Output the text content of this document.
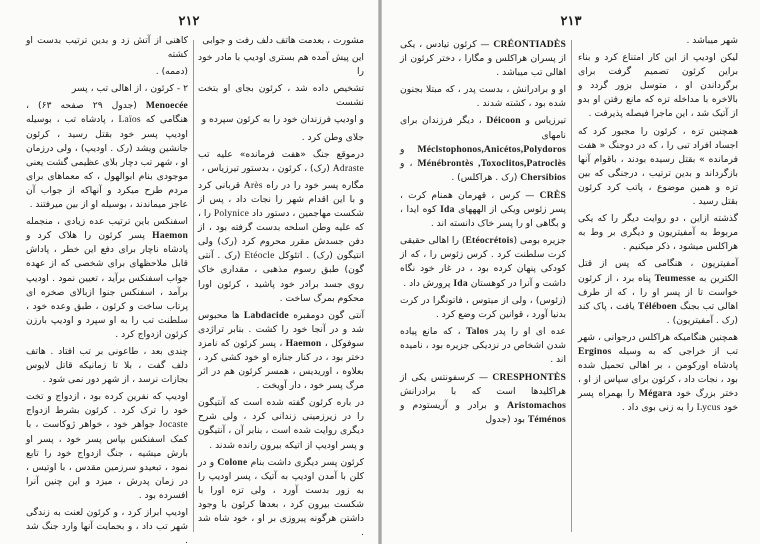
۲۱۲
مشورت ، بعدمت هاتف دلف رفت و جوابی
این پیش آمده هم بستری اودیپ با مادر خود را
تشخیص داده شد ، کرئون بجای او بتخت نشست
و اودیپ فرزندان خود را به کرئون سپرده و
جلای وطن کرد .
درموقع جنگ «هفت فرمانده» علیه تب Adraste (رک) ، کرئون ، بدستور تیرزیاس ،
مگاره پسر خود را در راه Arès قربانی کرد و با این اقدام شهر را نجات داد ، پس از شکست مهاجمین ، دستور داد Polynice را ، که علیه وطن اسلحه بدست گرفته بود ، از دفن جسدش مقرر محروم کرد (رک) ولی انتیگون (رک) . اتئوکل Etéocle (رک . آنتی گون) طبق رسوم مذهبی ، مقداری خاک روی جسد برادر خود پاشید ، کرئون اورا محکوم بمرگ ساخت .
آنتی گون دومقبره Labdacide ها محبوس شد و در آنجا خود را کشت . بنابر تراژدی سوفوکل ، Haemon ، پسر کرئون که نامزد دختر بود ، در کنار جنازه او خود کشی کرد ، بعلاوه ، اوریدیس ، همسر کرئون هم در اثر مرگ پسر خود ، دار آویخت .
در باره کرئون گفته شده است که آنتیگون را در زیرزمینی زندانی کرد ، ولی شرح دیگری روایت شده است ، بنابر آن ، آنتیگون و پسر اودیپ از اتیکه بیرون رانده شدند .
کرئون پسر دیگری داشت بنام Colone و در کلن با آمدن اودیپ به آتیک ، پسر اودیپ را به زور بدست آورد ، ولی تزه اورا با شکست بیرون کرد ، بعدها کرئون با وجود داشتن هرگونه پیروزی بر او ، خود شاه شد .
کاهنی از آتش زد و بدین ترتیب بدست او کشته
(دممه) .
۲ - کرئون ، از اهالی تب ، پسر
Menoecée (جدول ۲۹ صفحه ۶۳) ، هنگامی که Laïos ، پادشاه تب ، بوسیله اودیپ پسر خود بقتل رسید ، کرئون جانشین ویشد (رک . اودیپ) ، ولی درزمان او ، شهر تب دچار بلای عظیمی گشت یعنی موجودی بنام ابوالهول ، که معماهای برای مردم طرح میکرد و آنهاکه از جواب آن عاجز میماندند ، بوسیله او از بین میرفتند .
اسفنکس باین ترتیب عده زیادی ، منجمله Haemon پسر کرئون را هلاک کرد و پادشاه ناچار برای دفع این خطر ، پاداش قابل ملاحظهای برای شخصی که از عهده جواب اسفنکس برآید ، تعیین نمود . اودیپ برآمد ، اسفنکس جنوا ازبالای صخره ای پرتاب ساخت و کرئون ، طبق وعده خود ، سلطنت تب را به او سپرد و اودیپ بارزن کرئون ازدواج کرد .
چندی بعد ، طاعونی بر تب افتاد . هاتف دلف گفت ، بلا تا زمانیکه قاتل لایوس بجازات نرسد ، از شهر دور نمی شود .
اودیپ که نفرین کرده بود ، ازدواج و تخت خود را ترک کرد . کرئون بشرط ازدواج Jocaste جواهر خود ، خواهر ژوکاست ، با کمک اسفنکس بپاس پسر خود ، پسر او بارش میشیه ، جنگ ازدواج خود را تابع نمود ، تبعیدو سرزمین مقدس ، با اوتیس ، در زمان پدرش ، میزد و این چنین آنرا افسرده بود .
اودیپ ابراز کرد ، و کرئون لعنت به زندگی شهر تب داد ، و بحمایت آنها وارد جنگ شد .
۲۱۳
شهر میباشد .
لیکن اودیپ از این کار امتناع کرد و بناء براین کرئون تصمیم گرفت برای برگرداندن او ، متوسل بزور گردد و بالاخره با مداخله تزه که مانع رفتن او بدو از آتیک شد ، این ماجرا فیصله پذیرفت .
همچنین تزه ، کرئون را مجبور کرد که اجساد افراد تبی را ، که در دوجنگ « هفت فرمانده » بقتل رسیده بودند ، باقوام آنها بازگرداند و بدین ترتیب ، درجنگی که بین تزه و همین موضوع ، پاتب کرد کرئون بقتل رسید .
گذشته ازاین ، دو روایت دیگر را که یکی مربوط به آمفیتریون و دیگری بر وط به هراکلس میشود ، ذکر میکنیم .
آمفیتریون ، هنگامی که پس از قتل الکترین به Teumesse پناه برد ، از کرئون خواست تا از پسر او را ، که از طرف اهالی تب بجنگ Téléboen یافت ، پاک کند (رک . آمفیتریون) .
همچنین هنگامیکه هراکلس درجوانی ، شهر تب از خراجی که به وسیله Erginos پادشاه اورکومن ، بر اهالی تحمیل شده بود ، نجات داد ، کرئون برای سپاس از او ، دختر بزرگ خود Mégara را بهمراه پسر خود Lycus را به زنی بوی داد .
CRÉONTIADÈS — کرئون تیادس ، یکی از پسران هراکلس و مگارا ، دختر کرئون از اهالی تب میباشد .
او و برادرانش ، بدست پدر ، که مبتلا بجنون شده بود ، کشته شدند .
تیرزیاس و Déicoon ، دیگر فرزندان برای نامهای Méclstophonos,Anicétos,Polydoros و Ménébrontès ,Toxoclitos,Patroclès ، و Chersibios (رک . هراکلس) .
CRÈS — کرس ، قهرمان همنام کرت ، پسر زئوس ویکی از الهههای Ida کوه ایدا ، و بگاهی او را پسر خاک دانسته اند .
جزیره بومی (Etéocrétois) را اهالی حقیقی کرت سلطنت کرد . کرس زئوس را ، که از کودکی پنهان کرده بود ، در غار خود نگاه داشت و آنرا در کوهستان Ida پرورش داد .
(زئوس) ، ولی از میتوس ، فاتونگرا در کرت بدنیا آورد ، قوانین کرت وضع کرد .
عده ای او را پدر Talos ، که مانع پیاده شدن اشخاص در نزدیکی جزیره بود ، نامیده اند .
CRESPHONTÈS — کرسفونتس یکی از هراکلیدها است که با برادرانش Aristomachos و برادر و آریستودم و Téménos بود (جدول
